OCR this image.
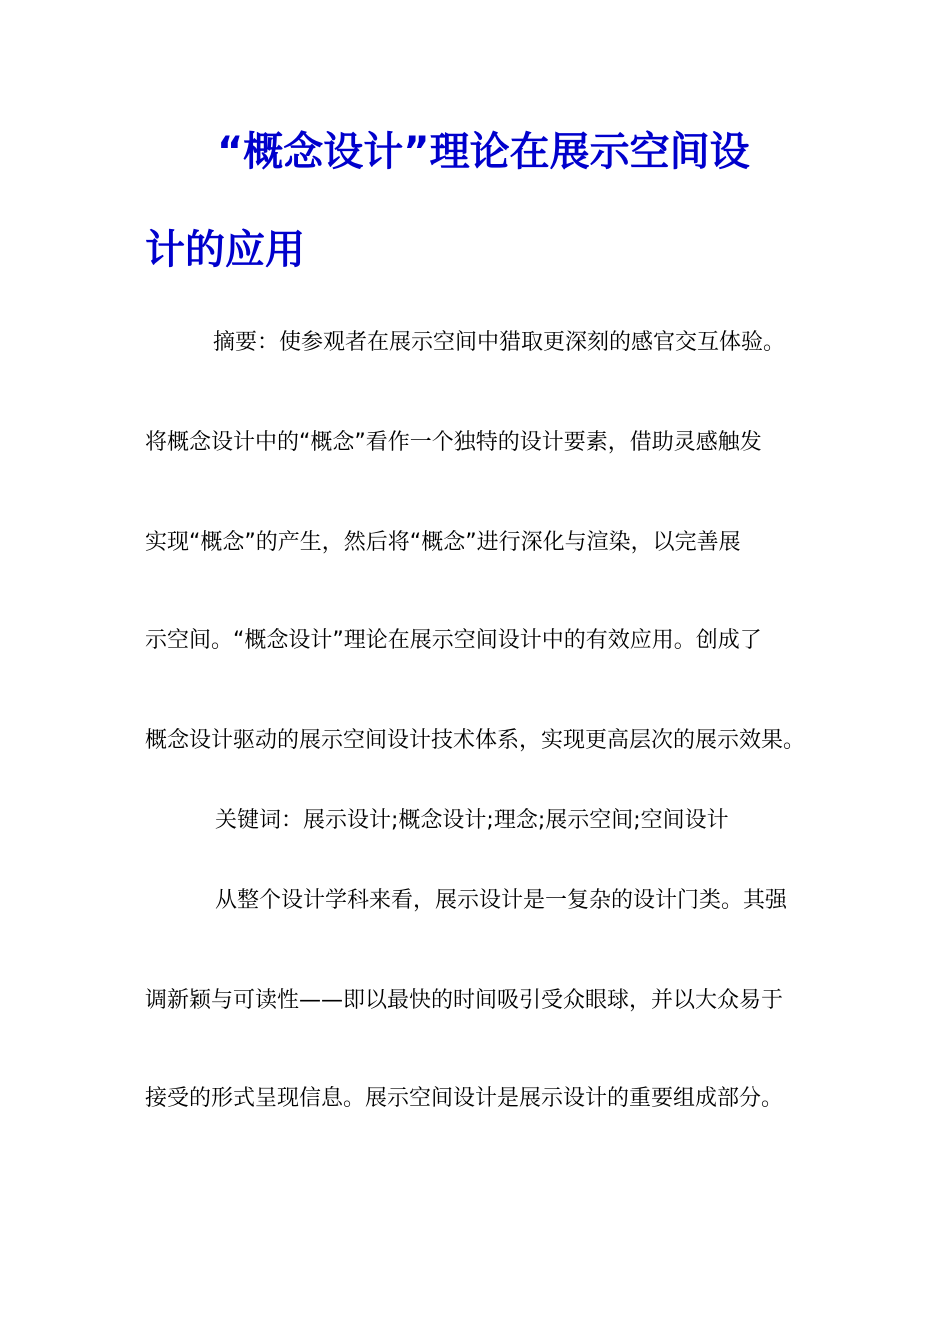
“概念设计”理论在展示空间设
计的应用

摘要：使参观者在展示空间中猎取更深刻的感官交互体验。

将概念设计中的“概念”看作一个独特的设计要素，借助灵感触发

实现“概念”的产生，然后将“概念”进行深化与渲染，以完善展

示空间。“概念设计”理论在展示空间设计中的有效应用。创成了

概念设计驱动的展示空间设计技术体系，实现更高层次的展示效果。

关键词：展示设计;概念设计;理念;展示空间;空间设计

从整个设计学科来看，展示设计是一复杂的设计门类。其强

调新颖与可读性——即以最快的时间吸引受众眼球，并以大众易于

接受的形式呈现信息。展示空间设计是展示设计的重要组成部分。
